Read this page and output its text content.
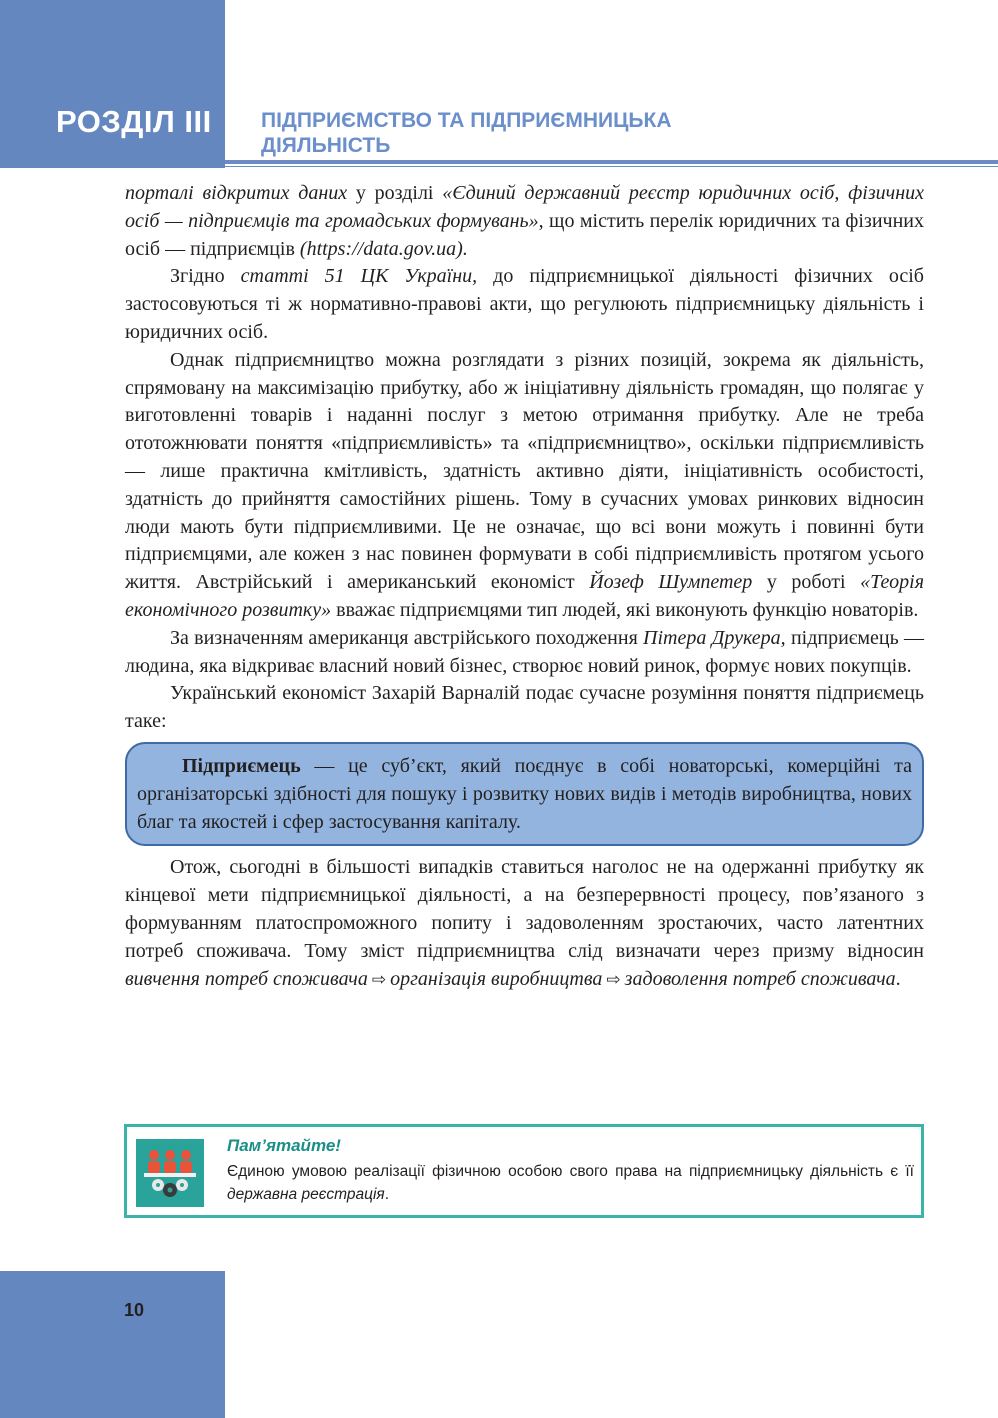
РОЗДІЛ III ПІДПРИЄМСТВО ТА ПІДПРИЄМНИЦЬКА
ДІЯЛЬНІСТЬ

порталі відкритих даних у розділі «Єдиний державний реєстр юридичних осіб, фізичних осіб — підприємців та громадських формувань», що містить перелік юридичних та фізичних осіб — підприємців (https://data.gov.ua).

Згідно статті 51 ЦК України, до підприємницької діяльності фізичних осіб застосовуються ті ж нормативно-правові акти, що регулюють підприємницьку діяльність і юридичних осіб.

Однак підприємництво можна розглядати з різних позицій, зокрема як діяльність, спрямовану на максимізацію прибутку, або ж ініціативну діяльність громадян, що полягає у виготовленні товарів і наданні послуг з метою отримання прибутку. Але не треба ототожнювати поняття «підприємливість» та «підприємництво», оскільки підприємливість — лише практична кмітливість, здатність активно діяти, ініціативність особистості, здатність до прийняття самостійних рішень. Тому в сучасних умовах ринкових відносин люди мають бути підприємливими. Це не означає, що всі вони можуть і повинні бути підприємцями, але кожен з нас повинен формувати в собі підприємливість протягом усього життя. Австрійський і американський економіст Йозеф Шумпетер у роботі «Теорія економічного розвитку» вважає підприємцями тип людей, які виконують функцію новаторів.

За визначенням американця австрійського походження Пітера Друкера, підприємець — людина, яка відкриває власний новий бізнес, створює новий ринок, формує нових покупців.

Український економіст Захарій Варналій подає сучасне розуміння поняття підприємець таке:

Підприємець — це суб’єкт, який поєднує в собі новаторські, комерційні та організаторські здібності для пошуку і розвитку нових видів і методів виробництва, нових благ та якостей і сфер застосування капіталу.

Отож, сьогодні в більшості випадків ставиться наголос не на одержанні прибутку як кінцевої мети підприємницької діяльності, а на безперервності процесу, пов’язаного з формуванням платоспроможного попиту і задоволенням зростаючих, часто латентних потреб споживача. Тому зміст підприємництва слід визначати через призму відносин вивчення потреб споживача ⇨ організація виробництва ⇨ задоволення потреб споживача.

Пам’ятайте!
Єдиною умовою реалізації фізичною особою свого права на підприємницьку діяльність є її державна реєстрація.
10
